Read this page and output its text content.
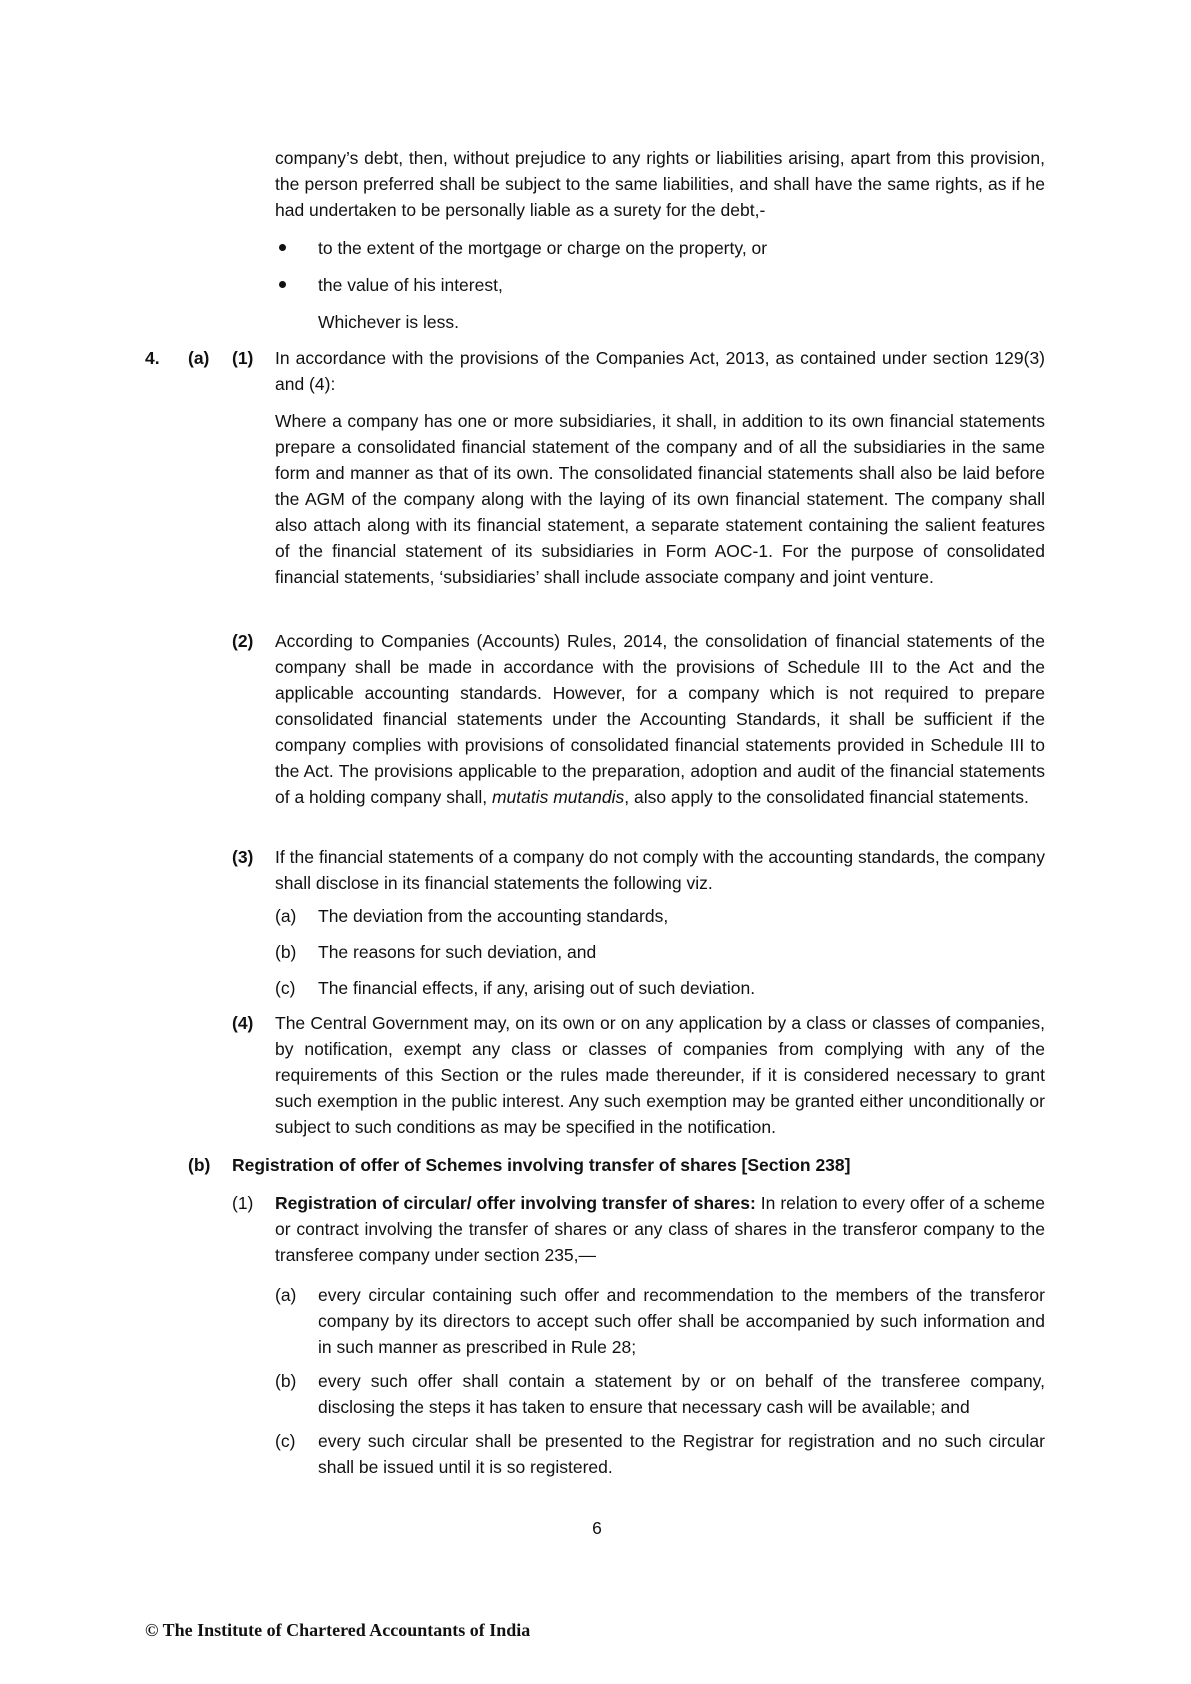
company’s debt, then, without prejudice to any rights or liabilities arising, apart from this provision, the person preferred shall be subject to the same liabilities, and shall have the same rights, as if he had undertaken to be personally liable as a surety for the debt,-

to the extent of the mortgage or charge on the property, or

the value of his interest,

Whichever is less.

4. (a) (1) In accordance with the provisions of the Companies Act, 2013, as contained under section 129(3) and (4):

Where a company has one or more subsidiaries, it shall, in addition to its own financial statements prepare a consolidated financial statement of the company and of all the subsidiaries in the same form and manner as that of its own. The consolidated financial statements shall also be laid before the AGM of the company along with the laying of its own financial statement. The company shall also attach along with its financial statement, a separate statement containing the salient features of the financial statement of its subsidiaries in Form AOC-1. For the purpose of consolidated financial statements, ‘subsidiaries’ shall include associate company and joint venture.

(2) According to Companies (Accounts) Rules, 2014, the consolidation of financial statements of the company shall be made in accordance with the provisions of Schedule III to the Act and the applicable accounting standards. However, for a company which is not required to prepare consolidated financial statements under the Accounting Standards, it shall be sufficient if the company complies with provisions of consolidated financial statements provided in Schedule III to the Act. The provisions applicable to the preparation, adoption and audit of the financial statements of a holding company shall, mutatis mutandis, also apply to the consolidated financial statements.

(3) If the financial statements of a company do not comply with the accounting standards, the company shall disclose in its financial statements the following viz.

(a) The deviation from the accounting standards,

(b) The reasons for such deviation, and

(c) The financial effects, if any, arising out of such deviation.

(4) The Central Government may, on its own or on any application by a class or classes of companies, by notification, exempt any class or classes of companies from complying with any of the requirements of this Section or the rules made thereunder, if it is considered necessary to grant such exemption in the public interest. Any such exemption may be granted either unconditionally or subject to such conditions as may be specified in the notification.

(b) Registration of offer of Schemes involving transfer of shares [Section 238]

(1) Registration of circular/ offer involving transfer of shares: In relation to every offer of a scheme or contract involving the transfer of shares or any class of shares in the transferor company to the transferee company under section 235,—

(a) every circular containing such offer and recommendation to the members of the transferor company by its directors to accept such offer shall be accompanied by such information and in such manner as prescribed in Rule 28;

(b) every such offer shall contain a statement by or on behalf of the transferee company, disclosing the steps it has taken to ensure that necessary cash will be available; and

(c) every such circular shall be presented to the Registrar for registration and no such circular shall be issued until it is so registered.

6
© The Institute of Chartered Accountants of India
